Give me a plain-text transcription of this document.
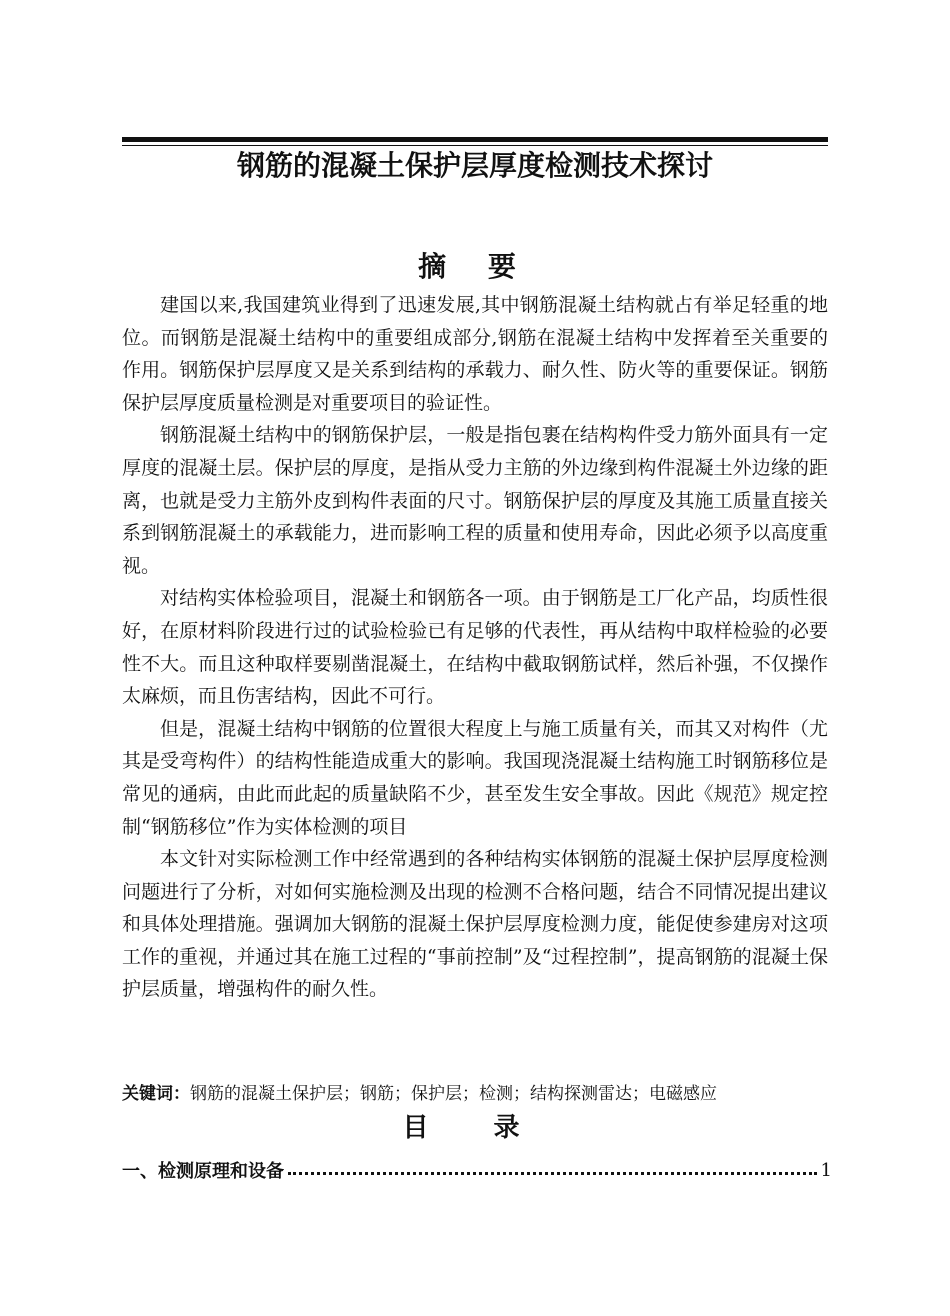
钢筋的混凝土保护层厚度检测技术探讨
摘 要

建国以来,我国建筑业得到了迅速发展,其中钢筋混凝土结构就占有举足轻重的地位。而钢筋是混凝土结构中的重要组成部分,钢筋在混凝土结构中发挥着至关重要的作用。钢筋保护层厚度又是关系到结构的承载力、耐久性、防火等的重要保证。钢筋保护层厚度质量检测是对重要项目的验证性。

钢筋混凝土结构中的钢筋保护层，一般是指包裹在结构构件受力筋外面具有一定厚度的混凝土层。保护层的厚度，是指从受力主筋的外边缘到构件混凝土外边缘的距离，也就是受力主筋外皮到构件表面的尺寸。钢筋保护层的厚度及其施工质量直接关系到钢筋混凝土的承载能力，进而影响工程的质量和使用寿命，因此必须予以高度重视。

对结构实体检验项目，混凝土和钢筋各一项。由于钢筋是工厂化产品，均质性很好，在原材料阶段进行过的试验检验已有足够的代表性，再从结构中取样检验的必要性不大。而且这种取样要剔凿混凝土，在结构中截取钢筋试样，然后补强，不仅操作太麻烦，而且伤害结构，因此不可行。

但是，混凝土结构中钢筋的位置很大程度上与施工质量有关，而其又对构件（尤其是受弯构件）的结构性能造成重大的影响。我国现浇混凝土结构施工时钢筋移位是常见的通病，由此而此起的质量缺陷不少，甚至发生安全事故。因此《规范》规定控制“钢筋移位”作为实体检测的项目

本文针对实际检测工作中经常遇到的各种结构实体钢筋的混凝土保护层厚度检测问题进行了分析，对如何实施检测及出现的检测不合格问题，结合不同情况提出建议和具体处理措施。强调加大钢筋的混凝土保护层厚度检测力度，能促使参建房对这项工作的重视，并通过其在施工过程的“事前控制”及“过程控制”，提高钢筋的混凝土保护层质量，增强构件的耐久性。

关键词：钢筋的混凝土保护层；钢筋；保护层；检测；结构探测雷达；电磁感应

目 录
一、检测原理和设备	1
